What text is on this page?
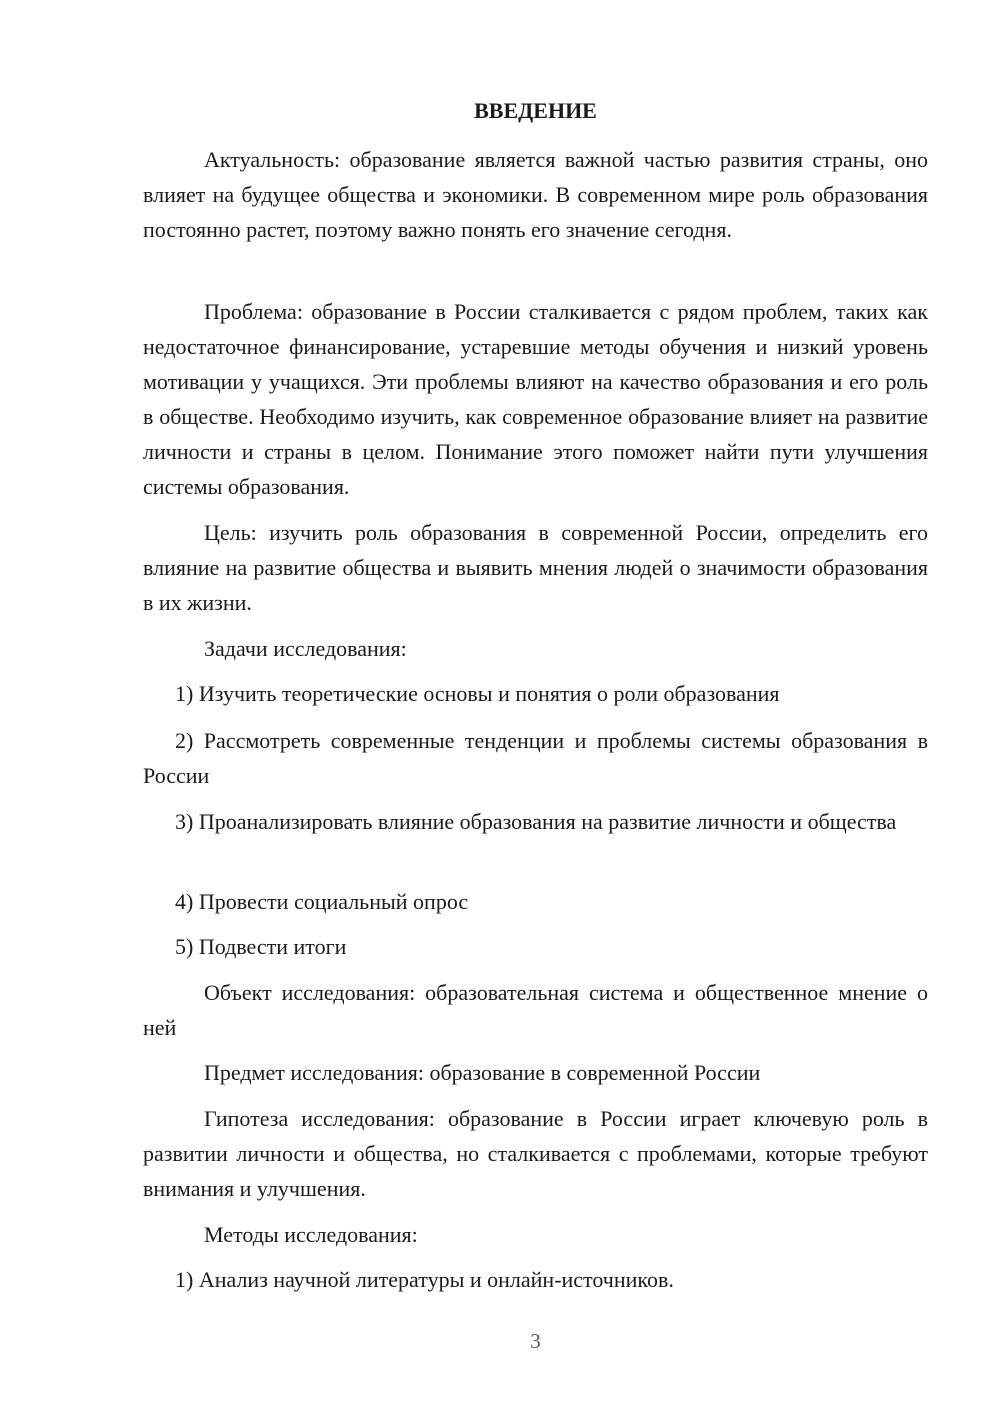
ВВЕДЕНИЕ

Актуальность: образование является важной частью развития страны, оно влияет на будущее общества и экономики. В современном мире роль образования постоянно растет, поэтому важно понять его значение сегодня.

Проблема: образование в России сталкивается с рядом проблем, таких как недостаточное финансирование, устаревшие методы обучения и низкий уровень мотивации у учащихся. Эти проблемы влияют на качество образования и его роль в обществе. Необходимо изучить, как современное образование влияет на развитие личности и страны в целом. Понимание этого поможет найти пути улучшения системы образования.

Цель: изучить роль образования в современной России, определить его влияние на развитие общества и выявить мнения людей о значимости образования в их жизни.

Задачи исследования:

1) Изучить теоретические основы и понятия о роли образования

2) Рассмотреть современные тенденции и проблемы системы образования в России

3) Проанализировать влияние образования на развитие личности и общества

4) Провести социальный опрос

5) Подвести итоги

Объект исследования: образовательная система и общественное мнение о ней

Предмет исследования: образование в современной России

Гипотеза исследования: образование в России играет ключевую роль в развитии личности и общества, но сталкивается с проблемами, которые требуют внимания и улучшения.

Методы исследования:

1) Анализ научной литературы и онлайн-источников.

3
